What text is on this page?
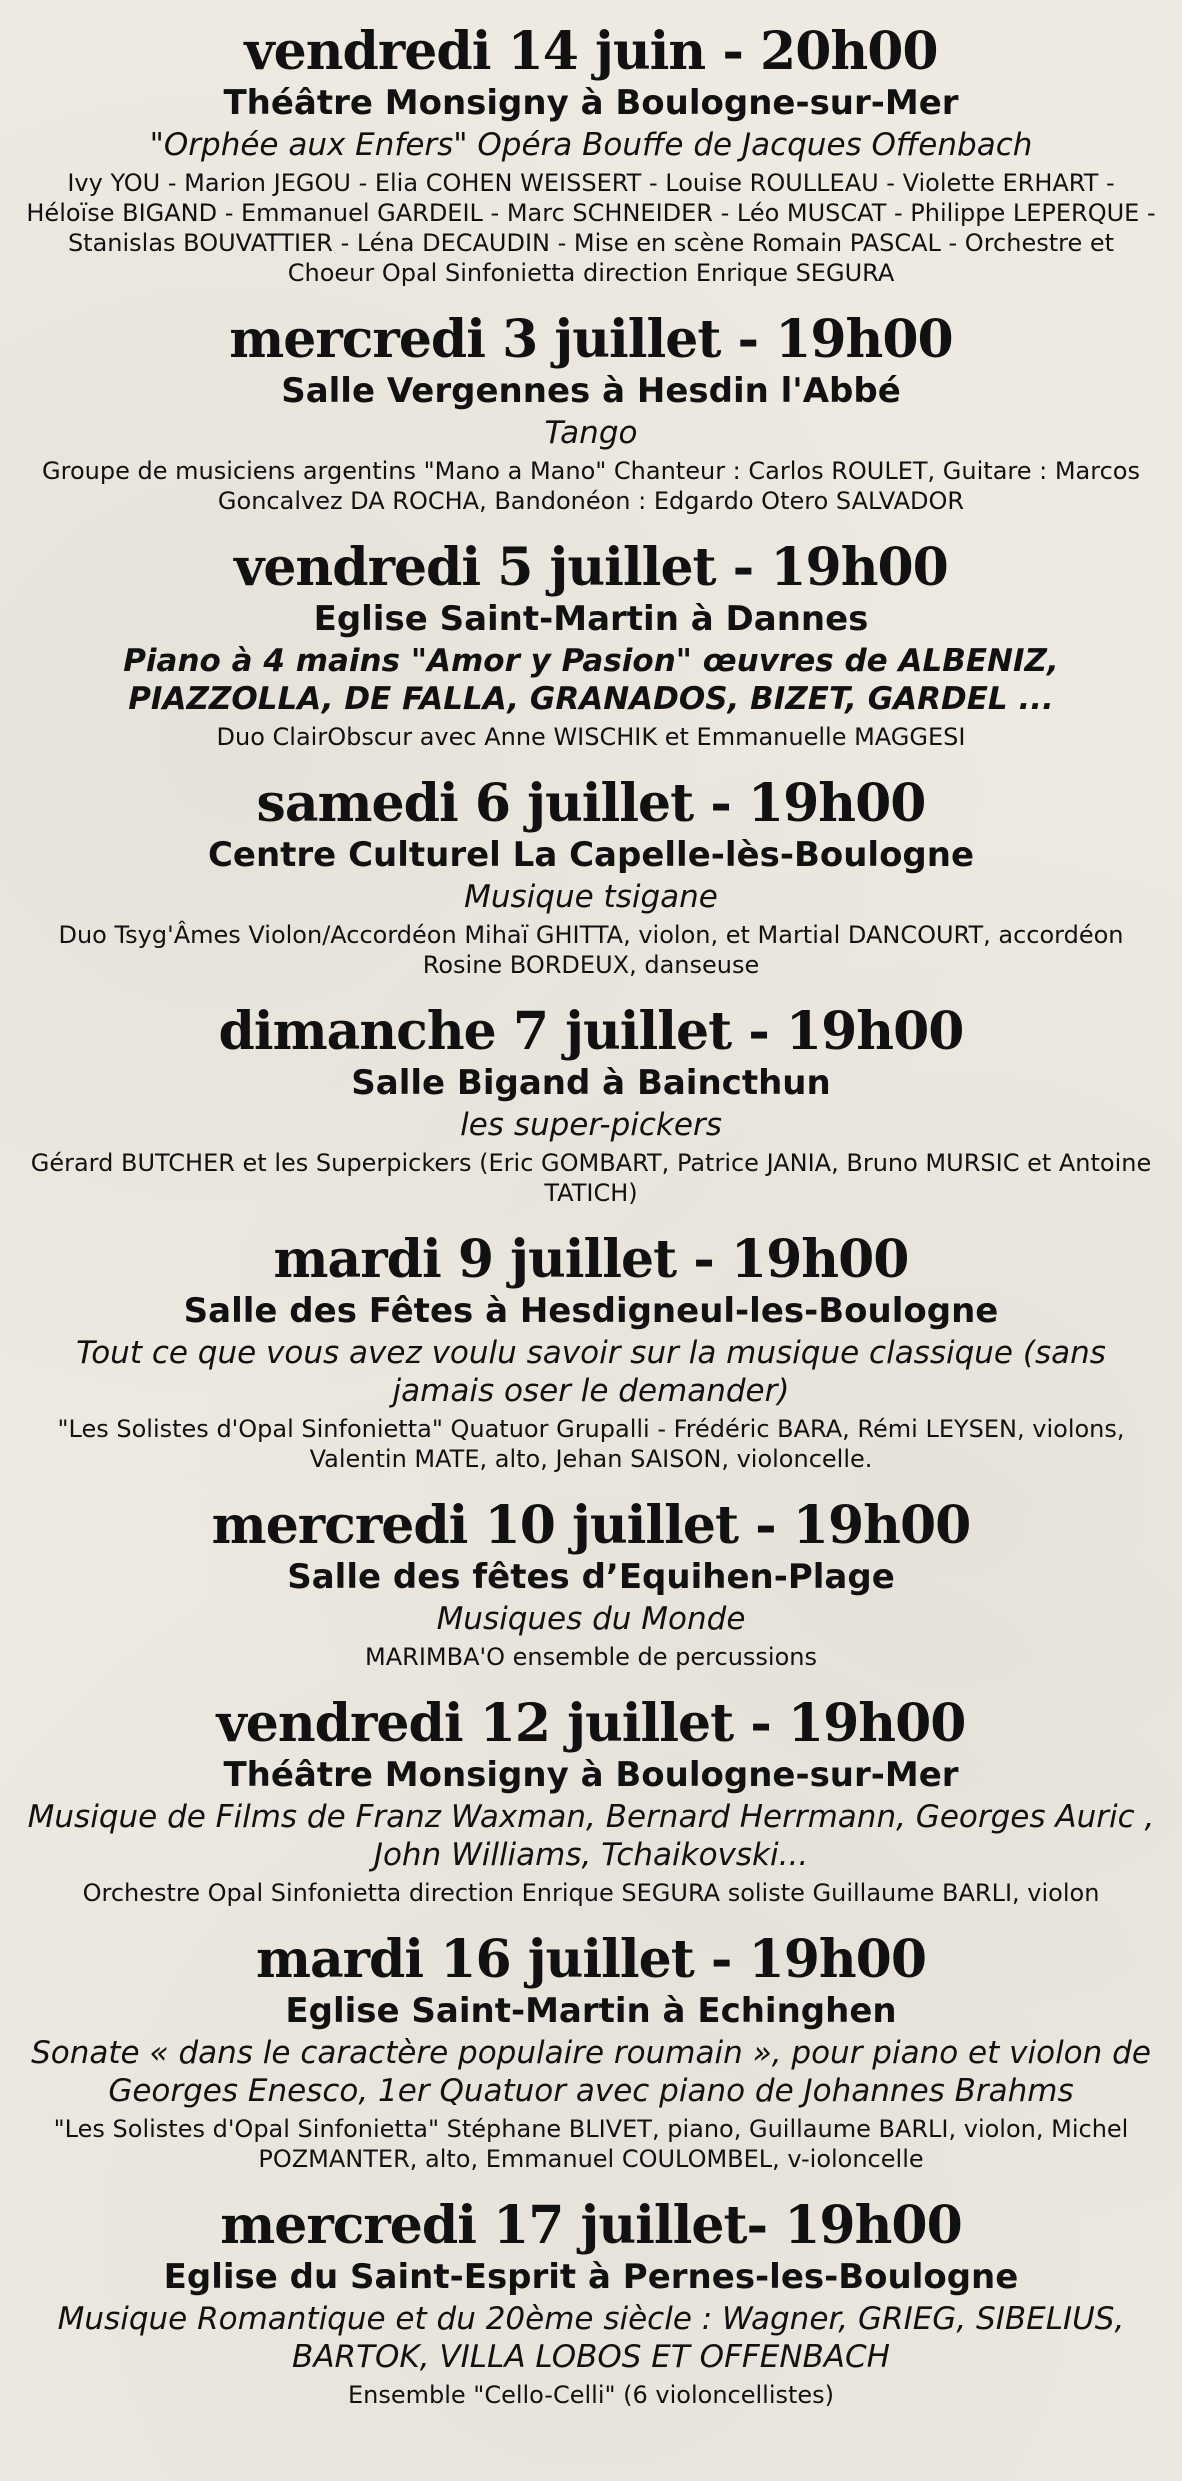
vendredi 14 juin - 20h00
Théâtre Monsigny à Boulogne-sur-Mer
"Orphée aux Enfers" Opéra Bouffe de Jacques Offenbach
Ivy YOU - Marion JEGOU - Elia COHEN WEISSERT - Louise ROULLEAU - Violette ERHART - Héloïse BIGAND - Emmanuel GARDEIL - Marc SCHNEIDER - Léo MUSCAT - Philippe LEPERQUE - Stanislas BOUVATTIER - Léna DECAUDIN - Mise en scène Romain PASCAL - Orchestre et Choeur Opal Sinfonietta direction Enrique SEGURA
mercredi 3 juillet - 19h00
Salle Vergennes à Hesdin l'Abbé
Tango
Groupe de musiciens argentins "Mano a Mano" Chanteur : Carlos ROULET, Guitare : Marcos Goncalvez DA ROCHA, Bandonéon : Edgardo Otero SALVADOR
vendredi 5 juillet - 19h00
Eglise Saint-Martin à Dannes
Piano à 4 mains "Amor y Pasion" œuvres de ALBENIZ, PIAZZOLLA, DE FALLA, GRANADOS, BIZET, GARDEL ...
Duo ClairObscur avec Anne WISCHIK et Emmanuelle MAGGESI
samedi 6 juillet - 19h00
Centre Culturel La Capelle-lès-Boulogne
Musique tsigane
Duo Tsyg'Âmes Violon/Accordéon Mihaï GHITTA, violon, et Martial DANCOURT, accordéon Rosine BORDEUX, danseuse
dimanche 7 juillet - 19h00
Salle Bigand à Baincthun
les super-pickers
Gérard BUTCHER et les Superpickers (Eric GOMBART, Patrice JANIA, Bruno MURSIC et Antoine TATICH)
mardi 9 juillet - 19h00
Salle des Fêtes à Hesdigneul-les-Boulogne
Tout ce que vous avez voulu savoir sur la musique classique (sans jamais oser le demander)
"Les Solistes d'Opal Sinfonietta" Quatuor Grupalli - Frédéric BARA, Rémi LEYSEN, violons, Valentin MATE, alto, Jehan SAISON, violoncelle.
mercredi 10 juillet - 19h00
Salle des fêtes d’Equihen-Plage
Musiques du Monde
MARIMBA'O ensemble de percussions
vendredi 12 juillet - 19h00
Théâtre Monsigny à Boulogne-sur-Mer
Musique de Films de Franz Waxman, Bernard Herrmann, Georges Auric , John Williams, Tchaikovski...
Orchestre Opal Sinfonietta direction Enrique SEGURA soliste Guillaume BARLI, violon
mardi 16 juillet - 19h00
Eglise Saint-Martin à Echinghen
Sonate « dans le caractère populaire roumain », pour piano et violon de Georges Enesco, 1er Quatuor avec piano de Johannes Brahms
"Les Solistes d'Opal Sinfonietta" Stéphane BLIVET, piano, Guillaume BARLI, violon, Michel POZMANTER, alto, Emmanuel COULOMBEL, v-ioloncelle
mercredi 17 juillet- 19h00
Eglise du Saint-Esprit à Pernes-les-Boulogne
Musique Romantique et du 20ème siècle : Wagner, GRIEG, SIBELIUS, BARTOK, VILLA LOBOS ET OFFENBACH
Ensemble "Cello-Celli" (6 violoncellistes)
